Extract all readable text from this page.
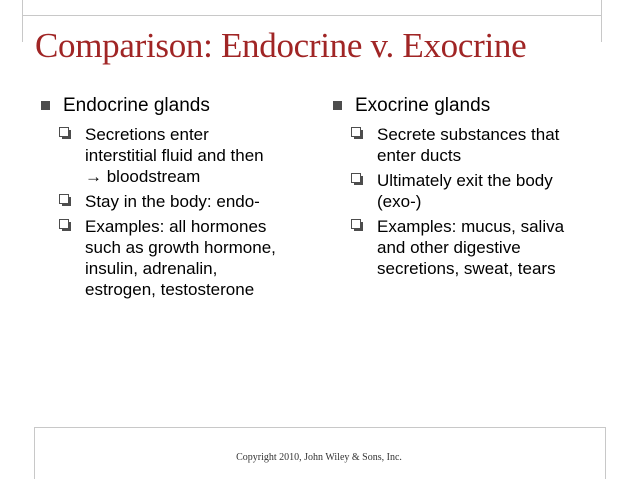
Comparison: Endocrine v. Exocrine
Endocrine glands
Secretions enter
interstitial fluid and then
→ bloodstream
Stay in the body: endo-
Examples: all hormones
such as growth hormone,
insulin, adrenalin,
estrogen, testosterone
Exocrine glands
Secrete substances that
enter ducts
Ultimately exit the body
(exo-)
Examples: mucus, saliva
and other digestive
secretions, sweat, tears
Copyright 2010, John Wiley & Sons, Inc.
